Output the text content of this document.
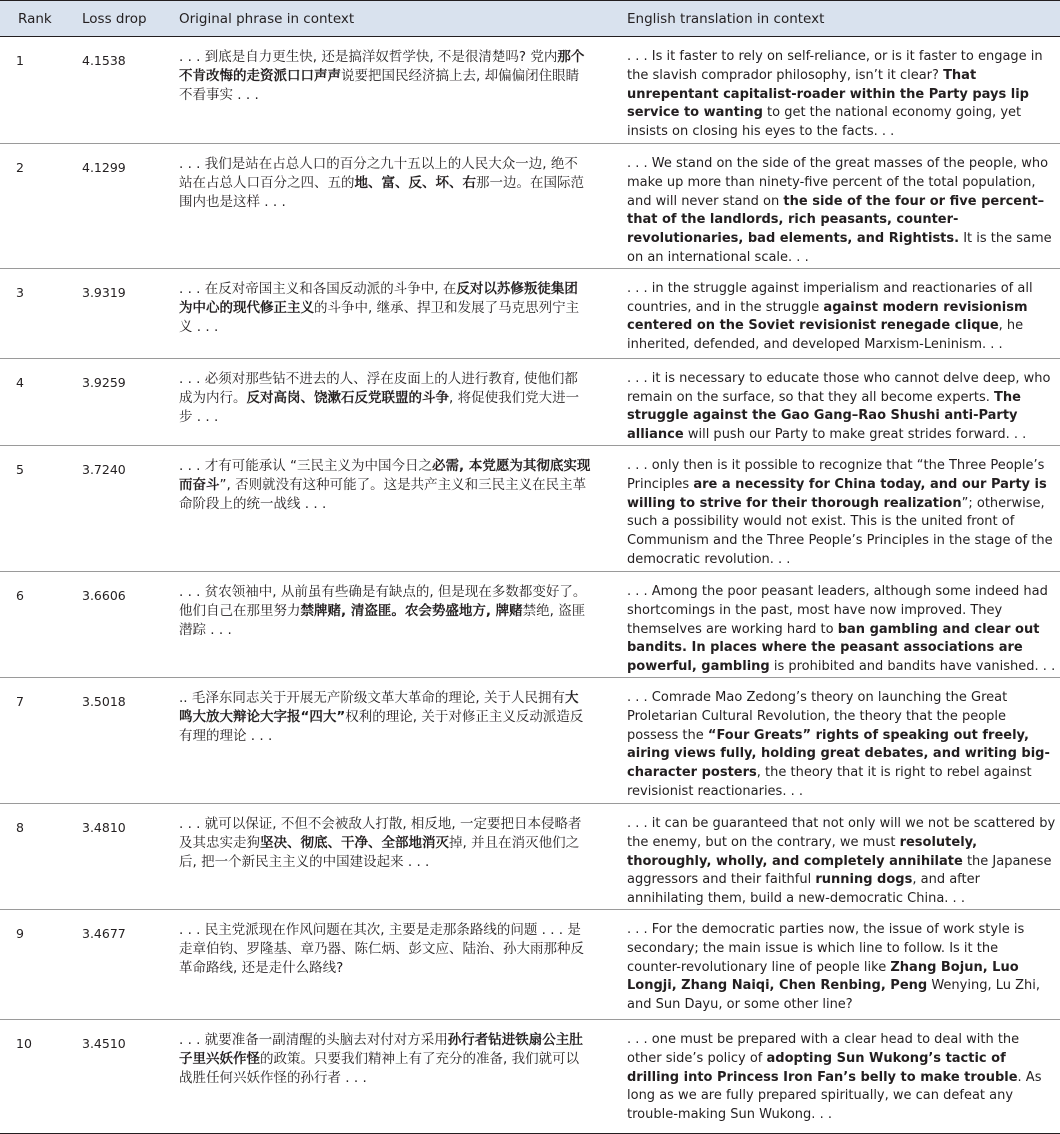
Rank	Loss drop	Original phrase in context	English translation in context
1	4.1538	. . . 到底是自力更生快, 还是搞洋奴哲学快, 不是很清楚吗? 党内那个不肯改悔的走资派口口声声说要把国民经济搞上去, 却偏偏闭住眼睛不看事实 . . .	. . . Is it faster to rely on self-reliance, or is it faster to engage in the slavish comprador philosophy, isn’t it clear? That unrepentant capitalist-roader within the Party pays lip service to wanting to get the national economy going, yet insists on closing his eyes to the facts. . .
2	4.1299	. . . 我们是站在占总人口的百分之九十五以上的人民大众一边, 绝不站在占总人口百分之四、五的地、富、反、坏、右那一边。在国际范围内也是这样 . . .	. . . We stand on the side of the great masses of the people, who make up more than ninety-five percent of the total population, and will never stand on the side of the four or five percent–that of the landlords, rich peasants, counter-revolutionaries, bad elements, and Rightists. It is the same on an international scale. . .
3	3.9319	. . . 在反对帝国主义和各国反动派的斗争中, 在反对以苏修叛徒集团为中心的现代修正主义的斗争中, 继承、捍卫和发展了马克思列宁主义 . . .	. . . in the struggle against imperialism and reactionaries of all countries, and in the struggle against modern revisionism centered on the Soviet revisionist renegade clique, he inherited, defended, and developed Marxism-Leninism. . .
4	3.9259	. . . 必须对那些钻不进去的人、浮在皮面上的人进行教育, 使他们都成为内行。反对高岗、饶漱石反党联盟的斗争, 将促使我们党大进一步 . . .	. . . it is necessary to educate those who cannot delve deep, who remain on the surface, so that they all become experts. The struggle against the Gao Gang–Rao Shushi anti-Party alliance will push our Party to make great strides forward. . .
5	3.7240	. . . 才有可能承认 “三民主义为中国今日之必需, 本党愿为其彻底实现而奋斗”, 否则就没有这种可能了。这是共产主义和三民主义在民主革命阶段上的统一战线 . . .	. . . only then is it possible to recognize that “the Three People’s Principles are a necessity for China today, and our Party is willing to strive for their thorough realization”; otherwise, such a possibility would not exist. This is the united front of Communism and the Three People’s Principles in the stage of the democratic revolution. . .
6	3.6606	. . . 贫农领袖中, 从前虽有些确是有缺点的, 但是现在多数都变好了。他们自己在那里努力禁牌赌, 清盗匪。农会势盛地方, 牌赌禁绝, 盗匪潜踪 . . .	. . . Among the poor peasant leaders, although some indeed had shortcomings in the past, most have now improved. They themselves are working hard to ban gambling and clear out bandits. In places where the peasant associations are powerful, gambling is prohibited and bandits have vanished. . .
7	3.5018	.. 毛泽东同志关于开展无产阶级文革大革命的理论, 关于人民拥有大鸣大放大辩论大字报“四大”权利的理论, 关于对修正主义反动派造反有理的理论 . . .	. . . Comrade Mao Zedong’s theory on launching the Great Proletarian Cultural Revolution, the theory that the people possess the “Four Greats” rights of speaking out freely, airing views fully, holding great debates, and writing big-character posters, the theory that it is right to rebel against revisionist reactionaries. . .
8	3.4810	. . . 就可以保证, 不但不会被敌人打散, 相反地, 一定要把日本侵略者及其忠实走狗坚决、彻底、干净、全部地消灭掉, 并且在消灭他们之后, 把一个新民主主义的中国建设起来 . . .	. . . it can be guaranteed that not only will we not be scattered by the enemy, but on the contrary, we must resolutely, thoroughly, wholly, and completely annihilate the Japanese aggressors and their faithful running dogs, and after annihilating them, build a new-democratic China. . .
9	3.4677	. . . 民主党派现在作风问题在其次, 主要是走那条路线的问题 . . . 是走章伯钧、罗隆基、章乃器、陈仁炳、彭文应、陆治、孙大雨那种反革命路线, 还是走什么路线?	. . . For the democratic parties now, the issue of work style is secondary; the main issue is which line to follow. Is it the counter-revolutionary line of people like Zhang Bojun, Luo Longji, Zhang Naiqi, Chen Renbing, Peng Wenying, Lu Zhi, and Sun Dayu, or some other line?
10	3.4510	. . . 就要准备一副清醒的头脑去对付对方采用孙行者钻进铁扇公主肚子里兴妖作怪的政策。只要我们精神上有了充分的准备, 我们就可以战胜任何兴妖作怪的孙行者 . . .	. . . one must be prepared with a clear head to deal with the other side’s policy of adopting Sun Wukong’s tactic of drilling into Princess Iron Fan’s belly to make trouble. As long as we are fully prepared spiritually, we can defeat any trouble-making Sun Wukong. . .
